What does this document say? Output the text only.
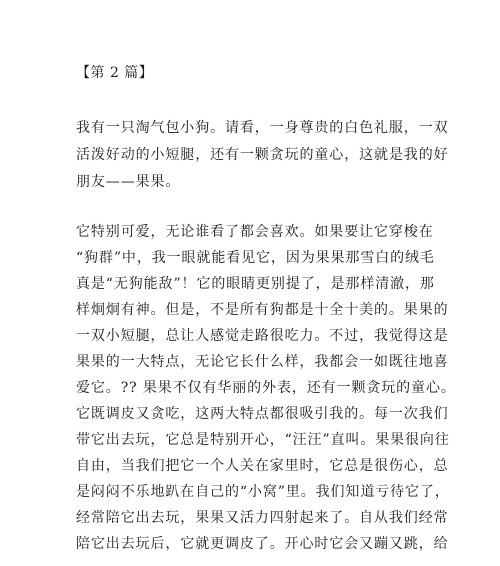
【第 2 篇】
我有一只淘气包小狗。请看，一身尊贵的白色礼服，一双
活泼好动的小短腿，还有一颗贪玩的童心，这就是我的好
朋友——果果。
它特别可爱，无论谁看了都会喜欢。如果要让它穿梭在
“狗群”中，我一眼就能看见它，因为果果那雪白的绒毛
真是“无狗能敌”！它的眼睛更别提了，是那样清澈，那
样炯炯有神。但是，不是所有狗都是十全十美的。果果的
一双小短腿，总让人感觉走路很吃力。不过，我觉得这是
果果的一大特点，无论它长什么样，我都会一如既往地喜
爱它。?? 果果不仅有华丽的外表，还有一颗贪玩的童心。
它既调皮又贪吃，这两大特点都很吸引我的。每一次我们
带它出去玩，它总是特别开心，“汪汪”直叫。果果很向往
自由，当我们把它一个人关在家里时，它总是很伤心，总
是闷闷不乐地趴在自己的“小窝”里。我们知道亏待它了，
经常陪它出去玩，果果又活力四射起来了。自从我们经常
陪它出去玩后，它就更调皮了。开心时它会又蹦又跳，给
